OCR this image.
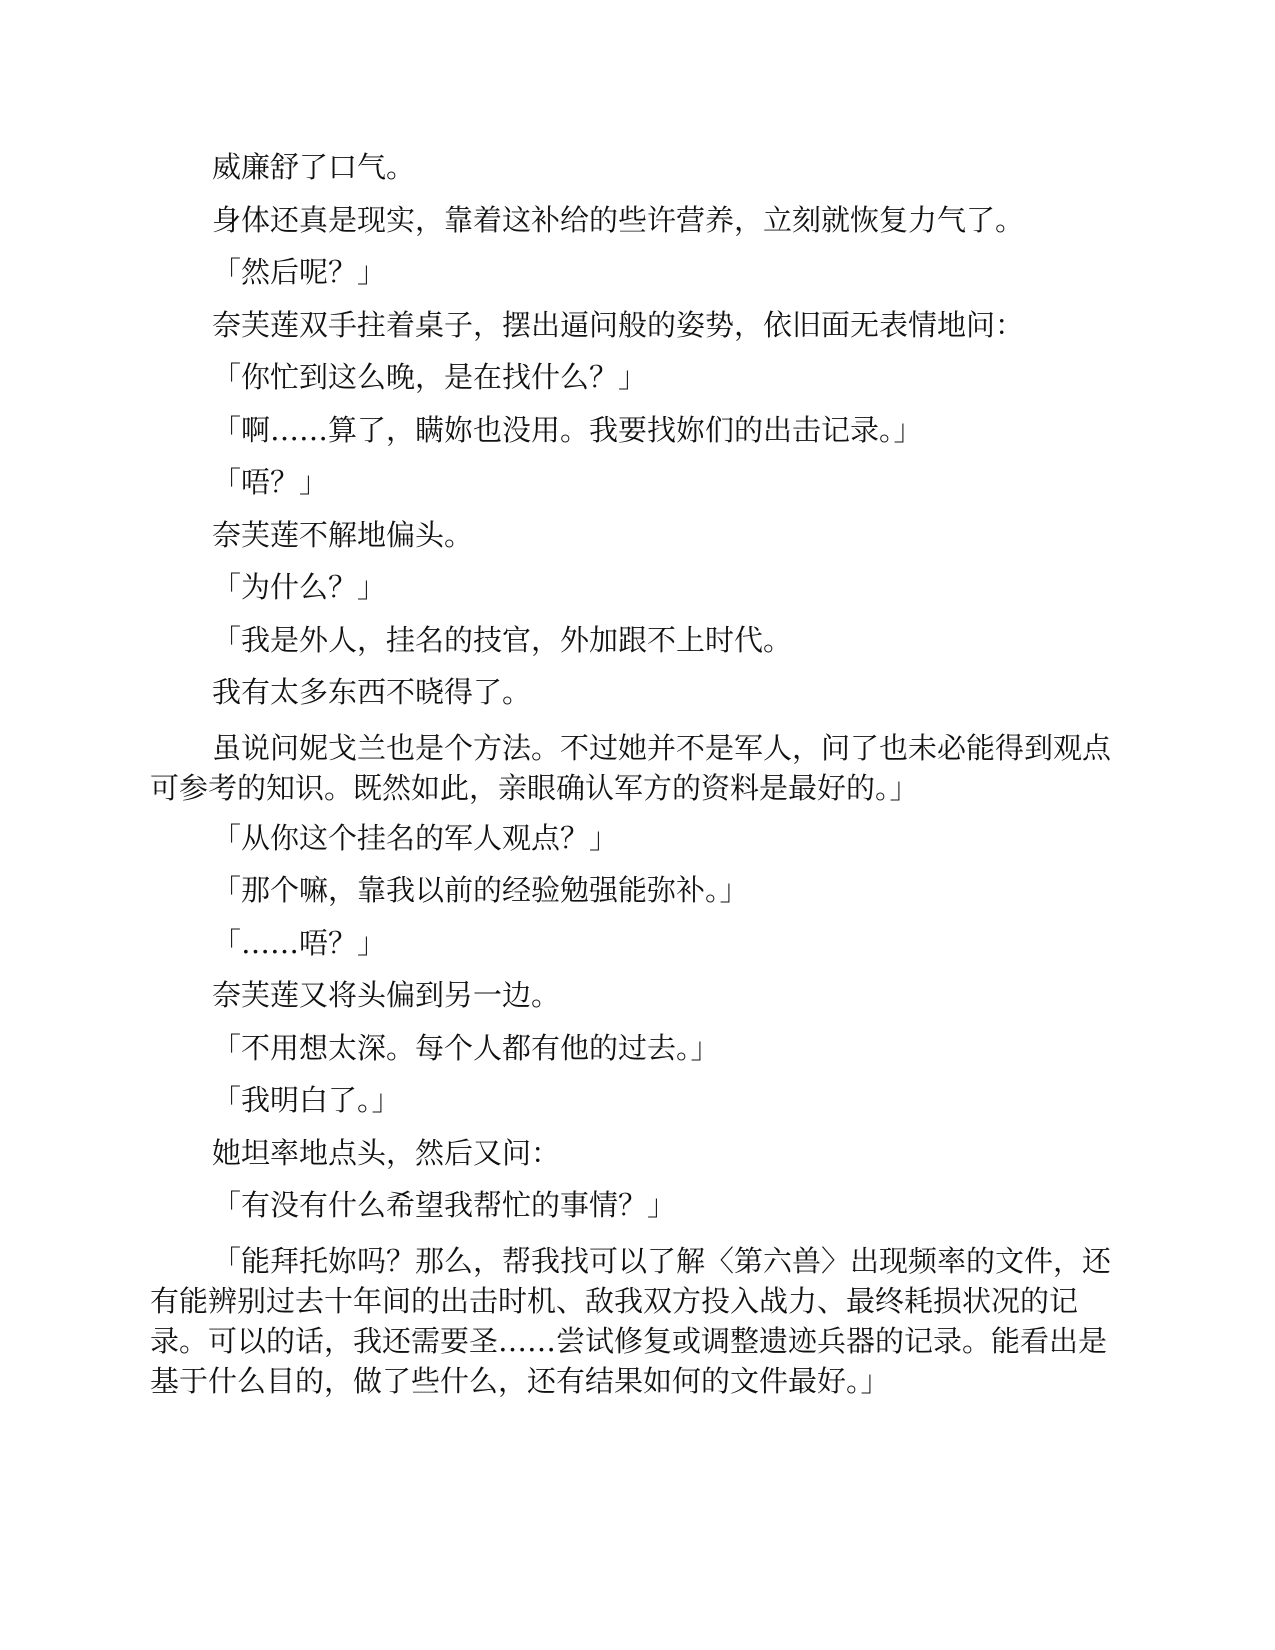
威廉舒了口气。

身体还真是现实，靠着这补给的些许营养，立刻就恢复力气了。

「然后呢？」

奈芙莲双手拄着桌子，摆出逼问般的姿势，依旧面无表情地问：

「你忙到这么晚，是在找什么？」

「啊……算了，瞒妳也没用。我要找妳们的出击记录。」

「唔？」

奈芙莲不解地偏头。

「为什么？」

「我是外人，挂名的技官，外加跟不上时代。

我有太多东西不晓得了。

虽说问妮戈兰也是个方法。不过她并不是军人，问了也未必能得到观点可参考的知识。既然如此，亲眼确认军方的资料是最好的。」

「从你这个挂名的军人观点？」

「那个嘛，靠我以前的经验勉强能弥补。」

「……唔？」

奈芙莲又将头偏到另一边。

「不用想太深。每个人都有他的过去。」

「我明白了。」

她坦率地点头，然后又问：

「有没有什么希望我帮忙的事情？」

「能拜托妳吗？那么，帮我找可以了解〈第六兽〉出现频率的文件，还有能辨别过去十年间的出击时机、敌我双方投入战力、最终耗损状况的记录。可以的话，我还需要圣……尝试修复或调整遗迹兵器的记录。能看出是基于什么目的，做了些什么，还有结果如何的文件最好。」
